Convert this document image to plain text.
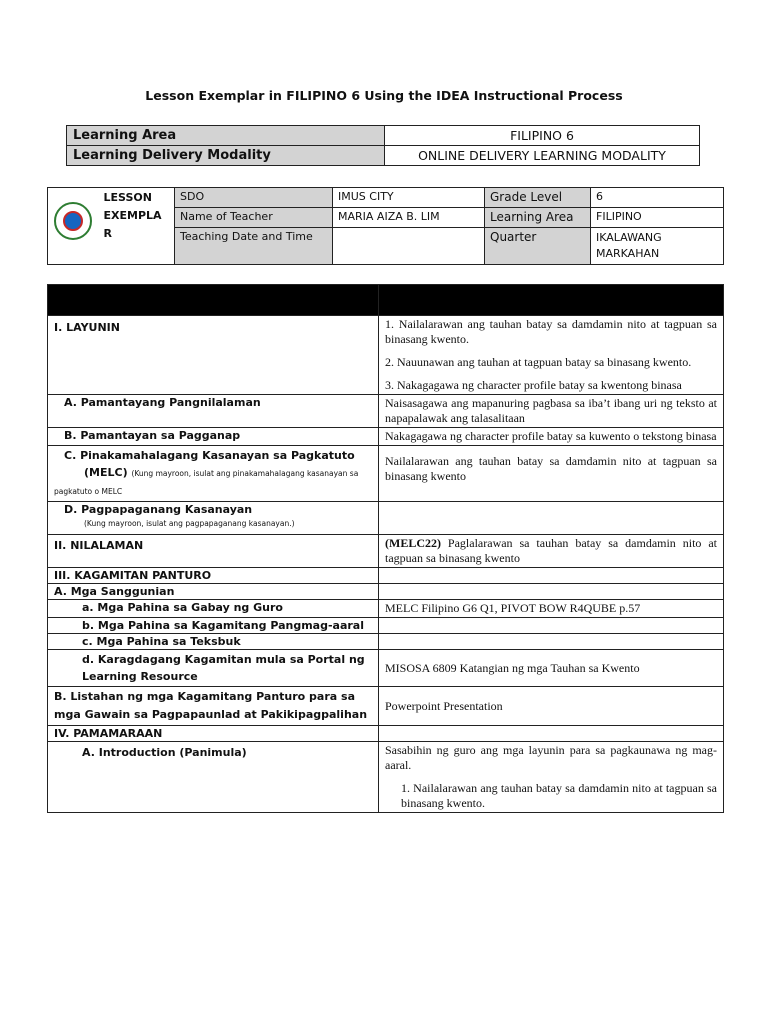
Lesson Exemplar in FILIPINO 6 Using the IDEA Instructional Process
Learning Area	FILIPINO 6
Learning Delivery Modality	ONLINE DELIVERY LEARNING MODALITY
	LESSON EXEMPLA R	SDO	IMUS CITY	Grade Level	6
		Name of Teacher	MARIA AIZA B. LIM	Learning Area	FILIPINO
		Teaching Date and Time		Quarter	IKALAWANG MARKAHAN

I. LAYUNIN	1. Nailalarawan ang tauhan batay sa damdamin nito at tagpuan sa binasang kwento.

2. Nauunawan ang tauhan at tagpuan batay sa binasang kwento.

3. Nakagagawa ng character profile batay sa kwentong binasa

A. Pamantayang Pangnilalaman	Naisasagawa ang mapanuring pagbasa sa iba’t ibang uri ng teksto at napapalawak ang talasalitaan
B. Pamantayan sa Pagganap	Nakagagawa ng character profile batay sa kuwento o tekstong binasa
C. Pinakamahalagang Kasanayan sa Pagkatuto
(MELC) (Kung mayroon, isulat ang pinakamahalagang kasanayan sa pagkatuto o MELC	Nailalarawan ang tauhan batay sa damdamin nito at tagpuan sa binasang kwento
D. Pagpapaganang Kasanayan
(Kung mayroon, isulat ang pagpapaganang kasanayan.)	
II. NILALAMAN	(MELC22) Paglalarawan sa tauhan batay sa damdamin nito at tagpuan sa binasang kwento
III. KAGAMITAN PANTURO	
A. Mga Sanggunian	
a. Mga Pahina sa Gabay ng Guro	MELC Filipino G6 Q1, PIVOT BOW R4QUBE p.57
b. Mga Pahina sa Kagamitang Pangmag-aaral	
c. Mga Pahina sa Teksbuk	
d. Karagdagang Kagamitan mula sa Portal ng Learning Resource	MISOSA 6809 Katangian ng mga Tauhan sa Kwento
B. Listahan ng mga Kagamitang Panturo para sa mga Gawain sa Pagpapaunlad at Pakikipagpalihan	Powerpoint Presentation
IV. PAMAMARAAN	
A. Introduction (Panimula)	Sasabihin ng guro ang mga layunin para sa pagkaunawa ng mag-aaral.

1. Nailalarawan ang tauhan batay sa damdamin nito at tagpuan sa binasang kwento.
